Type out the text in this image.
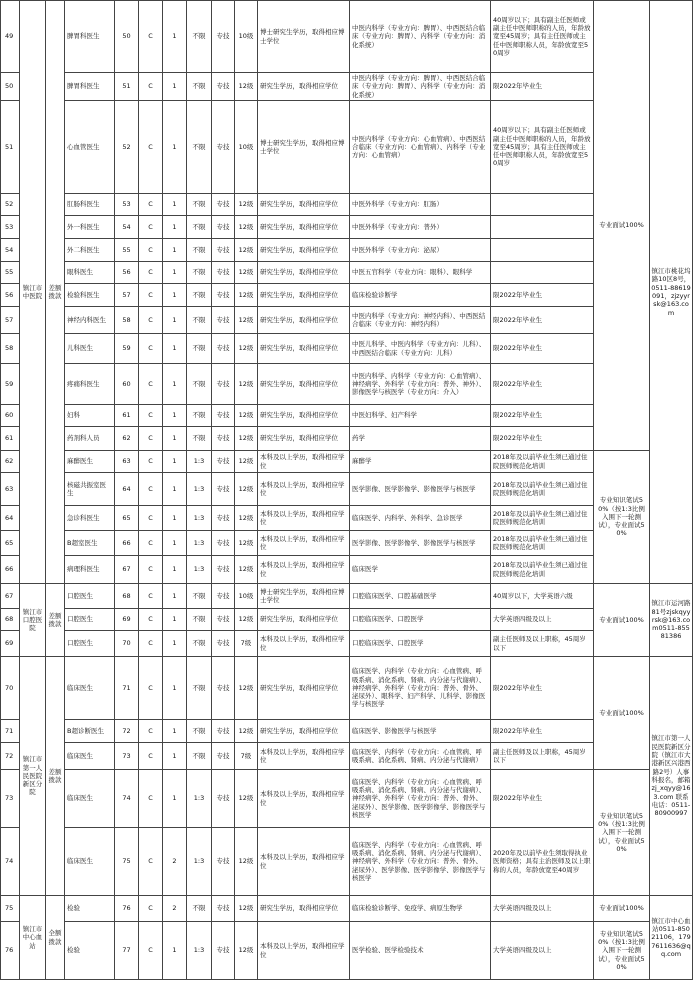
49	镇江市中医院	差额拨款	脾胃科医生	50	C	1	不限	专技	10级	博士研究生学历，取得相应博士学位	中医内科学（专业方向：脾胃）、中西医结合临床（专业方向：脾胃）、内科学（专业方向：消化系统）	40周岁以下；具有副主任医师或副主任中医师职称的人员，年龄放宽至45周岁；具有主任医师或主任中医师职称人员，年龄放宽至50周岁	专业面试100%	镇江市桃花坞路10区8号，0511-88619091，zjzyyrsk@163.com
50			脾胃科医生	51	C	1	不限	专技	12级	研究生学历，取得相应学位	中医内科学（专业方向：脾胃）、中西医结合临床（专业方向：脾胃）、内科学（专业方向：消化系统）	限2022年毕业生		
51			心血管医生	52	C	1	不限	专技	10级	博士研究生学历，取得相应博士学位	中医内科学（专业方向：心血管病）、中西医结合临床（专业方向：心血管病）、内科学（专业方向：心血管病）	40周岁以下；具有副主任医师或副主任中医师职称的人员，年龄放宽至45周岁；具有主任医师或主任中医师职称人员，年龄放宽至50周岁		
52			肛肠科医生	53	C	1	不限	专技	12级	研究生学历，取得相应学位	中医外科学（专业方向：肛肠）			
53			外一科医生	54	C	1	不限	专技	12级	研究生学历，取得相应学位	中医外科学（专业方向：普外）			
54			外二科医生	55	C	1	不限	专技	12级	研究生学历，取得相应学位	中医外科学（专业方向：泌尿）			
55			眼科医生	56	C	1	不限	专技	12级	研究生学历，取得相应学位	中医五官科学（专业方向：眼科）、眼科学			
56			检验科医生	57	C	1	不限	专技	12级	研究生学历，取得相应学位	临床检验诊断学	限2022年毕业生		
57			神经内科医生	58	C	1	不限	专技	12级	研究生学历，取得相应学位	中医内科学（专业方向：神经内科）、中西医结合临床（专业方向：神经内科）	限2022年毕业生		
58			儿科医生	59	C	1	不限	专技	12级	研究生学历，取得相应学位	中医儿科学、中医内科学（专业方向：儿科）、中西医结合临床（专业方向：儿科）	限2022年毕业生		
59			疼痛科医生	60	C	1	不限	专技	12级	研究生学历，取得相应学位	中医内科学、内科学（专业方向：心血管病）、神经病学、外科学（专业方向：普外、神外）、影像医学与核医学（专业方向：介入）	限2022年毕业生		
60			妇科	61	C	1	不限	专技	12级	研究生学历，取得相应学位	中医妇科学、妇产科学	限2022年毕业生		
61			药剂科人员	62	C	1	不限	专技	12级	研究生学历，取得相应学位	药学	限2022年毕业生		
62			麻醉医生	63	C	1	1:3	专技	12级	本科及以上学历，取得相应学位	麻醉学	2018年及以前毕业生须已通过住院医师规范化培训	专业知识笔试50%（按1:3比例入围下一轮测试），专业面试50%	
63			核磁共振室医生	64	C	1	1:3	专技	12级	本科及以上学历，取得相应学位	医学影像、医学影像学、影像医学与核医学	2018年及以前毕业生须已通过住院医师规范化培训		
64			急诊科医生	65	C	1	1:3	专技	12级	本科及以上学历，取得相应学位	临床医学、内科学、外科学、急诊医学	2018年及以前毕业生须已通过住院医师规范化培训		
65			B超室医生	66	C	1	1:3	专技	12级	本科及以上学历，取得相应学位	医学影像、医学影像学、影像医学与核医学	2018年及以前毕业生须已通过住院医师规范化培训		
66			病理科医生	67	C	1	1:3	专技	12级	本科及以上学历，取得相应学位	临床医学	2018年及以前毕业生须已通过住院医师规范化培训		
67	镇江市口腔医院	差额拨款	口腔医生	68	C	1	不限	专技	10级	博士研究生学历，取得相应博士学位	口腔临床医学、口腔基础医学	40周岁以下，大学英语六级	专业面试100%	镇江市运河路81号zjskqyyrsk@163.com0511-85581386
68			口腔医生	69	C	1	不限	专技	12级	研究生学历，取得相应学位	口腔临床医学、口腔医学	大学英语四级及以上		
69			口腔医生	70	C	1	不限	专技	7级	本科及以上学历，取得相应学位	口腔临床医学、口腔医学	副主任医师及以上职称，45周岁以下		
70	镇江市第一人民医院新区分院	差额拨款	临床医生	71	C	1	不限	专技	12级	研究生学历，取得相应学位	临床医学、内科学（专业方向：心血管病、呼吸系病、消化系病、肾病、内分泌与代谢病）、神经病学、外科学（专业方向：普外、骨外、泌尿外）、眼科学、妇产科学、儿科学、影像医学与核医学	限2022年毕业生	专业面试100%	镇江市第一人民医院新区分院（镇江市大港新区兴港西路2号）人事科报名，邮箱zj_xqyy@163.com 联系电话：0511-80900997
71			B超诊断医生	72	C	1	不限	专技	12级	研究生学历，取得相应学位	临床医学、影像医学与核医学	限2022年毕业生		
72			临床医生	73	C	1	不限	专技	7级	本科及以上学历，取得相应学位	临床医学、内科学（专业方向：心血管病、呼吸系病、消化系病、肾病、内分泌与代谢病）	副主任医师及以上职称，45周岁以下		
73			临床医生	74	C	1	1:3	专技	12级	本科及以上学历，取得相应学位	临床医学、内科学（专业方向：心血管病、呼吸系病、消化系病、肾病、内分泌与代谢病）、神经病学、外科学（专业方向：普外、骨外、泌尿外）、医学影像、医学影像学、影像医学与核医学	限2022年毕业生	专业知识笔试50%（按1:3比例入围下一轮测试），专业面试50%	
74			临床医生	75	C	2	1:3	专技	12级	本科及以上学历，取得相应学位	临床医学、内科学（专业方向：心血管病、呼吸系病、消化系病、肾病、内分泌与代谢病）、神经病学、外科学（专业方向：普外、骨外、泌尿外）、医学影像、医学影像学、影像医学与核医学	2020年及以前毕业生须取得执业医师资格；具有主治医师及以上职称的人员，年龄放宽至40周岁		
75	镇江市中心血站	全额拨款	检验	76	C	2	不限	专技	12级	研究生学历，取得相应学位	临床检验诊断学、免疫学、病原生物学	大学英语四级及以上	专业面试100%	镇江市中心血站0511-85021106，1797611636@qq.com
76			检验	77	C	1	1:3	专技	12级	本科及以上学历，取得相应学位	医学检验、医学检验技术	大学英语四级及以上	专业知识笔试50%（按1:3比例入围下一轮测试），专业面试50%	
